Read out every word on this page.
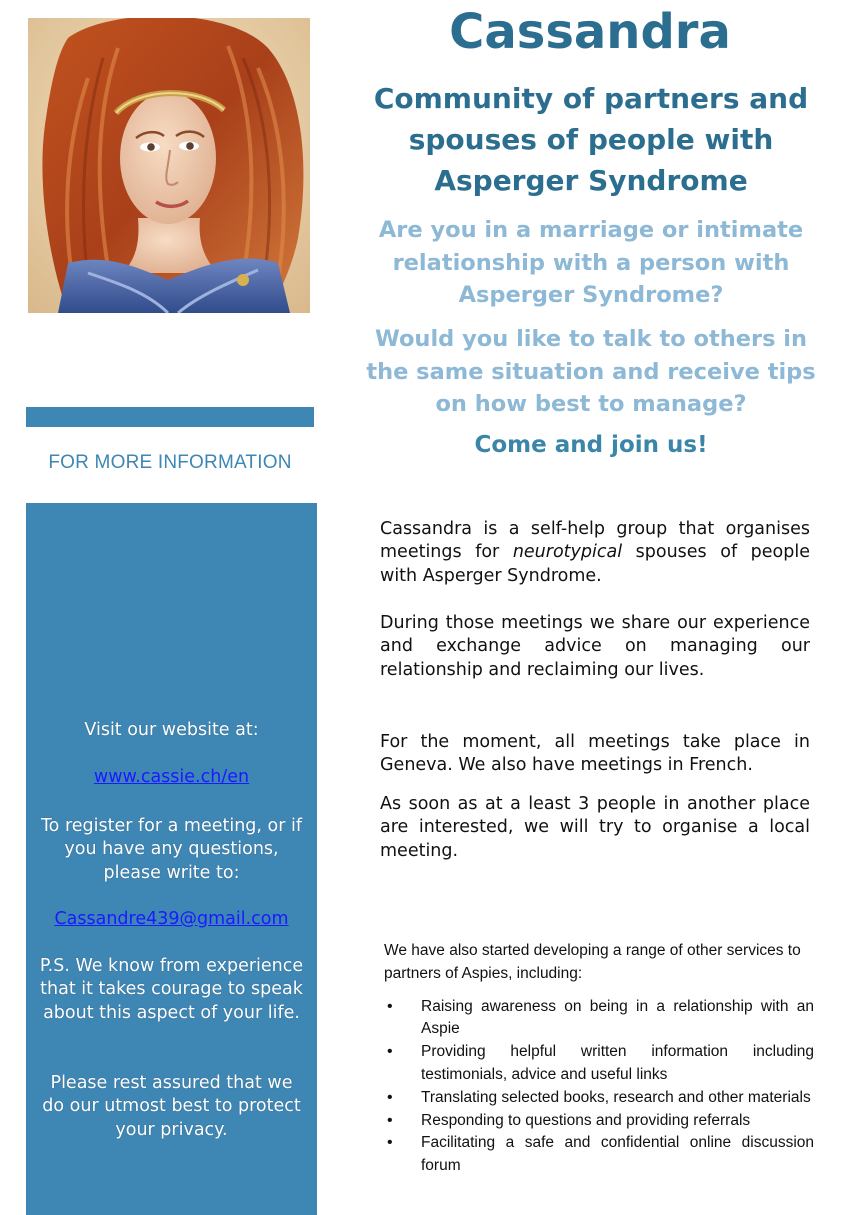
FOR MORE INFORMATION

Visit our website at:

www.cassie.ch/en

To register for a meeting, or if you have any questions, please write to:

Cassandre439@gmail.com

P.S. We know from experience that it takes courage to speak about this aspect of your life.

Please rest assured that we do our utmost best to protect your privacy.

Cassandra
Community of partners and spouses of people with Asperger Syndrome
Are you in a marriage or intimate relationship with a person with Asperger Syndrome?
Would you like to talk to others in the same situation and receive tips on how best to manage?
Come and join us!

Cassandra is a self-help group that organises meetings for neurotypical spouses of people with Asperger Syndrome.

During those meetings we share our experience and exchange advice on managing our relationship and reclaiming our lives.

For the moment, all meetings take place in Geneva. We also have meetings in French.

As soon as at a least 3 people in another place are interested, we will try to organise a local meeting.

We have also started developing a range of other services to partners of Aspies, including:

• Raising awareness on being in a relationship with an Aspie
• Providing helpful written information including testimonials, advice and useful links
• Translating selected books, research and other materials
• Responding to questions and providing referrals
• Facilitating a safe and confidential online discussion forum
